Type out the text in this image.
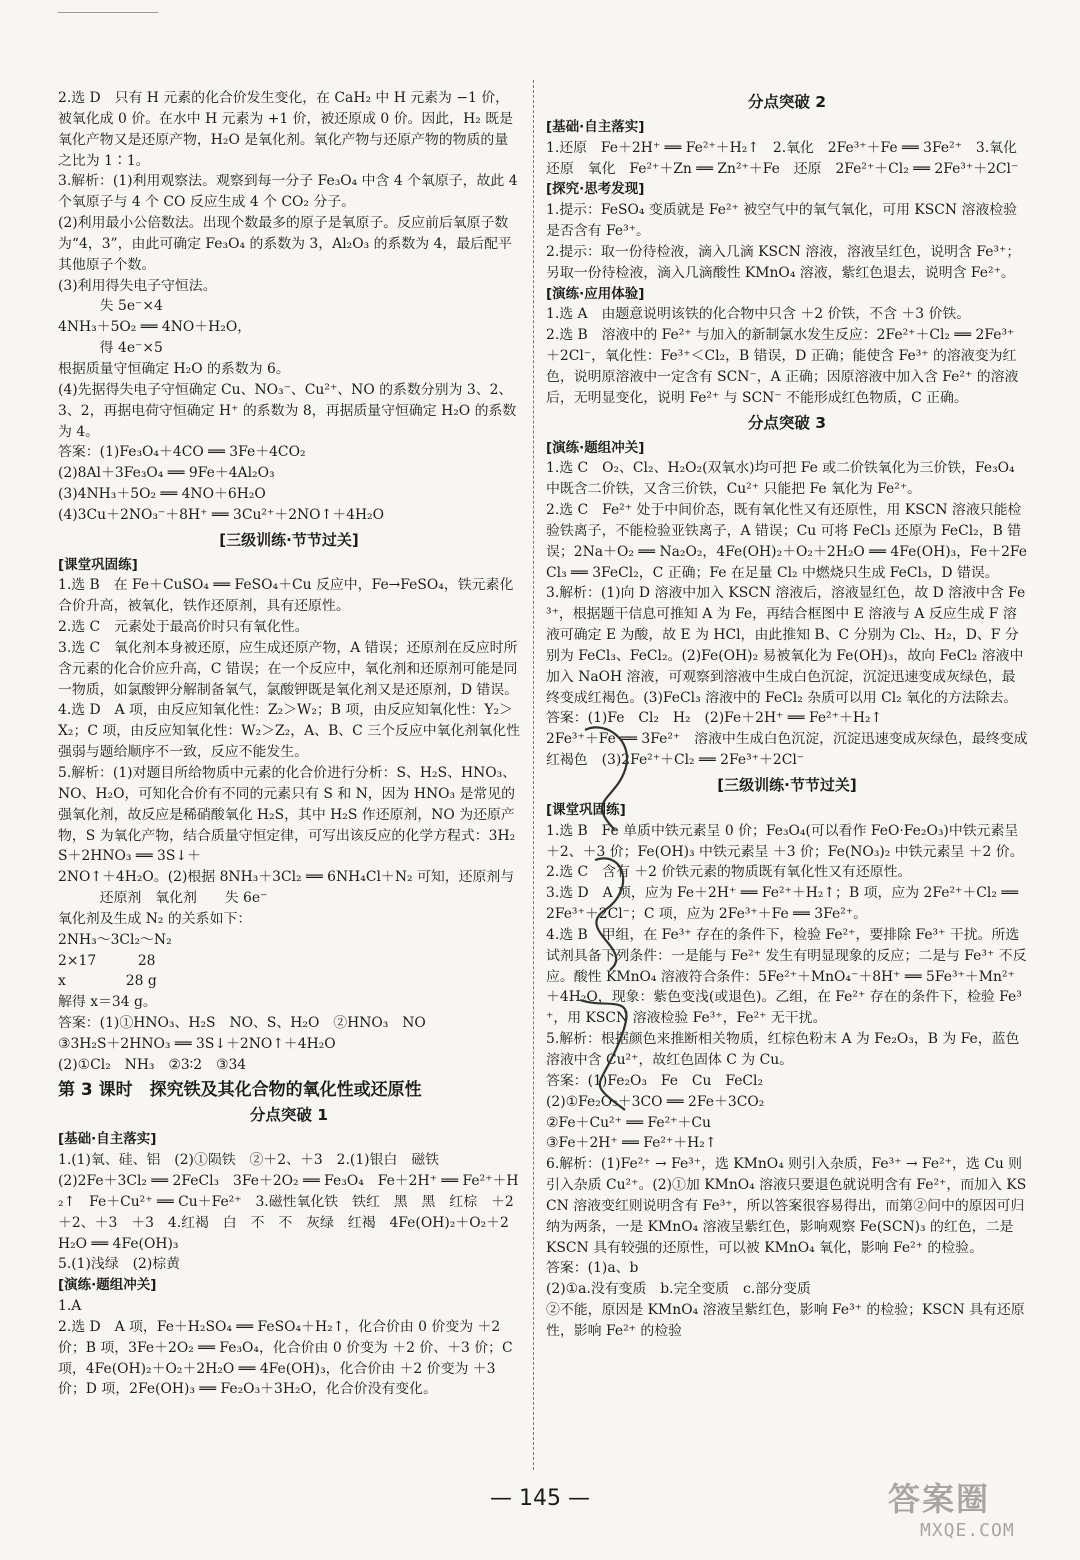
2.选 D　只有 H 元素的化合价发生变化，在 CaH₂ 中 H 元素为 −1 价，被氧化成 0 价。在水中 H 元素为 +1 价，被还原成 0 价。因此，H₂ 既是氧化产物又是还原产物，H₂O 是氧化剂。氧化产物与还原产物的物质的量之比为 1∶1。

3.解析：(1)利用观察法。观察到每一分子 Fe₃O₄ 中含 4 个氧原子，故此 4 个氧原子与 4 个 CO 反应生成 4 个 CO₂ 分子。

(2)利用最小公倍数法。出现个数最多的原子是氧原子。反应前后氧原子数为“4，3”，由此可确定 Fe₃O₄ 的系数为 3，Al₂O₃ 的系数为 4，最后配平其他原子个数。

(3)利用得失电子守恒法。

　　　失 5e⁻×4

4NH₃＋5O₂ ══ 4NO＋H₂O，

　　　得 4e⁻×5

根据质量守恒确定 H₂O 的系数为 6。

(4)先据得失电子守恒确定 Cu、NO₃⁻、Cu²⁺、NO 的系数分别为 3、2、3、2，再据电荷守恒确定 H⁺ 的系数为 8，再据质量守恒确定 H₂O 的系数为 4。

答案：(1)Fe₃O₄＋4CO ══ 3Fe＋4CO₂

(2)8Al＋3Fe₃O₄ ══ 9Fe＋4Al₂O₃

(3)4NH₃＋5O₂ ══ 4NO＋6H₂O

(4)3Cu＋2NO₃⁻＋8H⁺ ══ 3Cu²⁺＋2NO↑＋4H₂O

[三级训练·节节过关]
[课堂巩固练]

1.选 B　在 Fe＋CuSO₄ ══ FeSO₄＋Cu 反应中，Fe→FeSO₄，铁元素化合价升高，被氧化，铁作还原剂，具有还原性。

2.选 C　元素处于最高价时只有氧化性。

3.选 C　氧化剂本身被还原，应生成还原产物，A 错误；还原剂在反应时所含元素的化合价应升高，C 错误；在一个反应中，氧化剂和还原剂可能是同一物质，如氯酸钾分解制备氧气，氯酸钾既是氧化剂又是还原剂，D 错误。

4.选 D　A 项，由反应知氧化性：Z₂＞W₂；B 项，由反应知氧化性：Y₂＞X₂；C 项，由反应知氧化性：W₂＞Z₂，A、B、C 三个反应中氧化剂氧化性强弱与题给顺序不一致，反应不能发生。

5.解析：(1)对题目所给物质中元素的化合价进行分析：S、H₂S、HNO₃、NO、H₂O，可知化合价有不同的元素只有 S 和 N，因为 HNO₃ 是常见的强氧化剂，故反应是稀硝酸氧化 H₂S，其中 H₂S 作还原剂，NO 为还原产物，S 为氧化产物，结合质量守恒定律，可写出该反应的化学方程式：3H₂S＋2HNO₃ ══ 3S↓＋

2NO↑＋4H₂O。(2)根据 8NH₃＋3Cl₂ ══ 6NH₄Cl＋N₂ 可知，还原剂与

　　　还原剂　氧化剂　　失 6e⁻

氧化剂及生成 N₂ 的关系如下：

2NH₃～3Cl₂～N₂

2×17　　　28

x　　　　 28 g

解得 x＝34 g。

答案：(1)①HNO₃、H₂S　NO、S、H₂O　②HNO₃　NO

③3H₂S＋2HNO₃ ══ 3S↓＋2NO↑＋4H₂O

(2)①Cl₂　NH₃　②3∶2　③34

第 3 课时　探究铁及其化合物的氧化性或还原性
分点突破 1
[基础·自主落实]

1.(1)氧、硅、铝　(2)①陨铁　②＋2、＋3　2.(1)银白　磁铁

(2)2Fe＋3Cl₂ ══ 2FeCl₃　3Fe＋2O₂ ══ Fe₃O₄　Fe＋2H⁺ ══ Fe²⁺＋H₂↑　Fe＋Cu²⁺ ══ Cu＋Fe²⁺　3.磁性氧化铁　铁红　黑　黑　红棕　＋2　＋2、＋3　＋3　4.红褐　白　不　不　灰绿　红褐　4Fe(OH)₂＋O₂＋2H₂O ══ 4Fe(OH)₃

5.(1)浅绿　(2)棕黄

[演练·题组冲关]

1.A

2.选 D　A 项，Fe＋H₂SO₄ ══ FeSO₄＋H₂↑，化合价由 0 价变为 ＋2 价；B 项，3Fe＋2O₂ ══ Fe₃O₄，化合价由 0 价变为 ＋2 价、＋3 价；C 项，4Fe(OH)₂＋O₂＋2H₂O ══ 4Fe(OH)₃，化合价由 ＋2 价变为 ＋3 价；D 项，2Fe(OH)₃ ══ Fe₂O₃＋3H₂O，化合价没有变化。

分点突破 2
[基础·自主落实]

1.还原　Fe＋2H⁺ ══ Fe²⁺＋H₂↑　2.氧化　2Fe³⁺＋Fe ══ 3Fe²⁺　3.氧化　还原　氧化　Fe²⁺＋Zn ══ Zn²⁺＋Fe　还原　2Fe²⁺＋Cl₂ ══ 2Fe³⁺＋2Cl⁻

[探究·思考发现]

1.提示：FeSO₄ 变质就是 Fe²⁺ 被空气中的氧气氧化，可用 KSCN 溶液检验是否含有 Fe³⁺。

2.提示：取一份待检液，滴入几滴 KSCN 溶液，溶液呈红色，说明含 Fe³⁺；另取一份待检液，滴入几滴酸性 KMnO₄ 溶液，紫红色退去，说明含 Fe²⁺。

[演练·应用体验]

1.选 A　由题意说明该铁的化合物中只含 ＋2 价铁，不含 ＋3 价铁。

2.选 B　溶液中的 Fe²⁺ 与加入的新制氯水发生反应：2Fe²⁺＋Cl₂ ══ 2Fe³⁺＋2Cl⁻，氧化性：Fe³⁺＜Cl₂，B 错误，D 正确；能使含 Fe³⁺ 的溶液变为红色，说明原溶液中一定含有 SCN⁻，A 正确；因原溶液中加入含 Fe²⁺ 的溶液后，无明显变化，说明 Fe²⁺ 与 SCN⁻ 不能形成红色物质，C 正确。

分点突破 3
[演练·题组冲关]

1.选 C　O₂、Cl₂、H₂O₂(双氧水)均可把 Fe 或二价铁氧化为三价铁，Fe₃O₄ 中既含二价铁，又含三价铁，Cu²⁺ 只能把 Fe 氧化为 Fe²⁺。

2.选 C　Fe²⁺ 处于中间价态，既有氧化性又有还原性，用 KSCN 溶液只能检验铁离子，不能检验亚铁离子，A 错误；Cu 可将 FeCl₃ 还原为 FeCl₂，B 错误；2Na＋O₂ ══ Na₂O₂，4Fe(OH)₂＋O₂＋2H₂O ══ 4Fe(OH)₃，Fe＋2FeCl₃ ══ 3FeCl₂，C 正确；Fe 在足量 Cl₂ 中燃烧只生成 FeCl₃，D 错误。

3.解析：(1)向 D 溶液中加入 KSCN 溶液后，溶液显红色，故 D 溶液中含 Fe³⁺，根据题干信息可推知 A 为 Fe，再结合框图中 E 溶液与 A 反应生成 F 溶液可确定 E 为酸，故 E 为 HCl，由此推知 B、C 分别为 Cl₂、H₂，D、F 分别为 FeCl₃、FeCl₂。(2)Fe(OH)₂ 易被氧化为 Fe(OH)₃，故向 FeCl₂ 溶液中加入 NaOH 溶液，可观察到溶液中生成白色沉淀，沉淀迅速变成灰绿色，最终变成红褐色。(3)FeCl₃ 溶液中的 FeCl₂ 杂质可以用 Cl₂ 氧化的方法除去。

答案：(1)Fe　Cl₂　H₂　(2)Fe＋2H⁺ ══ Fe²⁺＋H₂↑

2Fe³⁺＋Fe ══ 3Fe²⁺　溶液中生成白色沉淀，沉淀迅速变成灰绿色，最终变成红褐色　(3)2Fe²⁺＋Cl₂ ══ 2Fe³⁺＋2Cl⁻

[三级训练·节节过关]
[课堂巩固练]

1.选 B　Fe 单质中铁元素呈 0 价；Fe₃O₄(可以看作 FeO·Fe₂O₃)中铁元素呈 ＋2、＋3 价；Fe(OH)₃ 中铁元素呈 ＋3 价；Fe(NO₃)₂ 中铁元素呈 ＋2 价。

2.选 C　含有 ＋2 价铁元素的物质既有氧化性又有还原性。

3.选 D　A 项，应为 Fe＋2H⁺ ══ Fe²⁺＋H₂↑；B 项，应为 2Fe²⁺＋Cl₂ ══ 2Fe³⁺＋2Cl⁻；C 项，应为 2Fe³⁺＋Fe ══ 3Fe²⁺。

4.选 B　甲组，在 Fe³⁺ 存在的条件下，检验 Fe²⁺，要排除 Fe³⁺ 干扰。所选试剂具备下列条件：一是能与 Fe²⁺ 发生有明显现象的反应；二是与 Fe³⁺ 不反应。酸性 KMnO₄ 溶液符合条件：5Fe²⁺＋MnO₄⁻＋8H⁺ ══ 5Fe³⁺＋Mn²⁺＋4H₂O，现象：紫色变浅(或退色)。乙组，在 Fe²⁺ 存在的条件下，检验 Fe³⁺，用 KSCN 溶液检验 Fe³⁺，Fe²⁺ 无干扰。

5.解析：根据颜色来推断相关物质，红棕色粉末 A 为 Fe₂O₃，B 为 Fe，蓝色溶液中含 Cu²⁺，故红色固体 C 为 Cu。

答案：(1)Fe₂O₃　Fe　Cu　FeCl₂

(2)①Fe₂O₃＋3CO ══ 2Fe＋3CO₂

②Fe＋Cu²⁺ ══ Fe²⁺＋Cu

③Fe＋2H⁺ ══ Fe²⁺＋H₂↑

6.解析：(1)Fe²⁺ → Fe³⁺，选 KMnO₄ 则引入杂质，Fe³⁺ → Fe²⁺，选 Cu 则引入杂质 Cu²⁺。(2)①加 KMnO₄ 溶液只要退色就说明含有 Fe²⁺，而加入 KSCN 溶液变红则说明含有 Fe³⁺，所以答案很容易得出，而第②问中的原因可归纳为两条，一是 KMnO₄ 溶液呈紫红色，影响观察 Fe(SCN)₃ 的红色，二是 KSCN 具有较强的还原性，可以被 KMnO₄ 氧化，影响 Fe²⁺ 的检验。

答案：(1)a、b

(2)①a.没有变质　b.完全变质　c.部分变质

②不能，原因是 KMnO₄ 溶液呈紫红色，影响 Fe³⁺ 的检验；KSCN 具有还原性，影响 Fe²⁺ 的检验

— 145 —	答案圈
MXQE.COM
